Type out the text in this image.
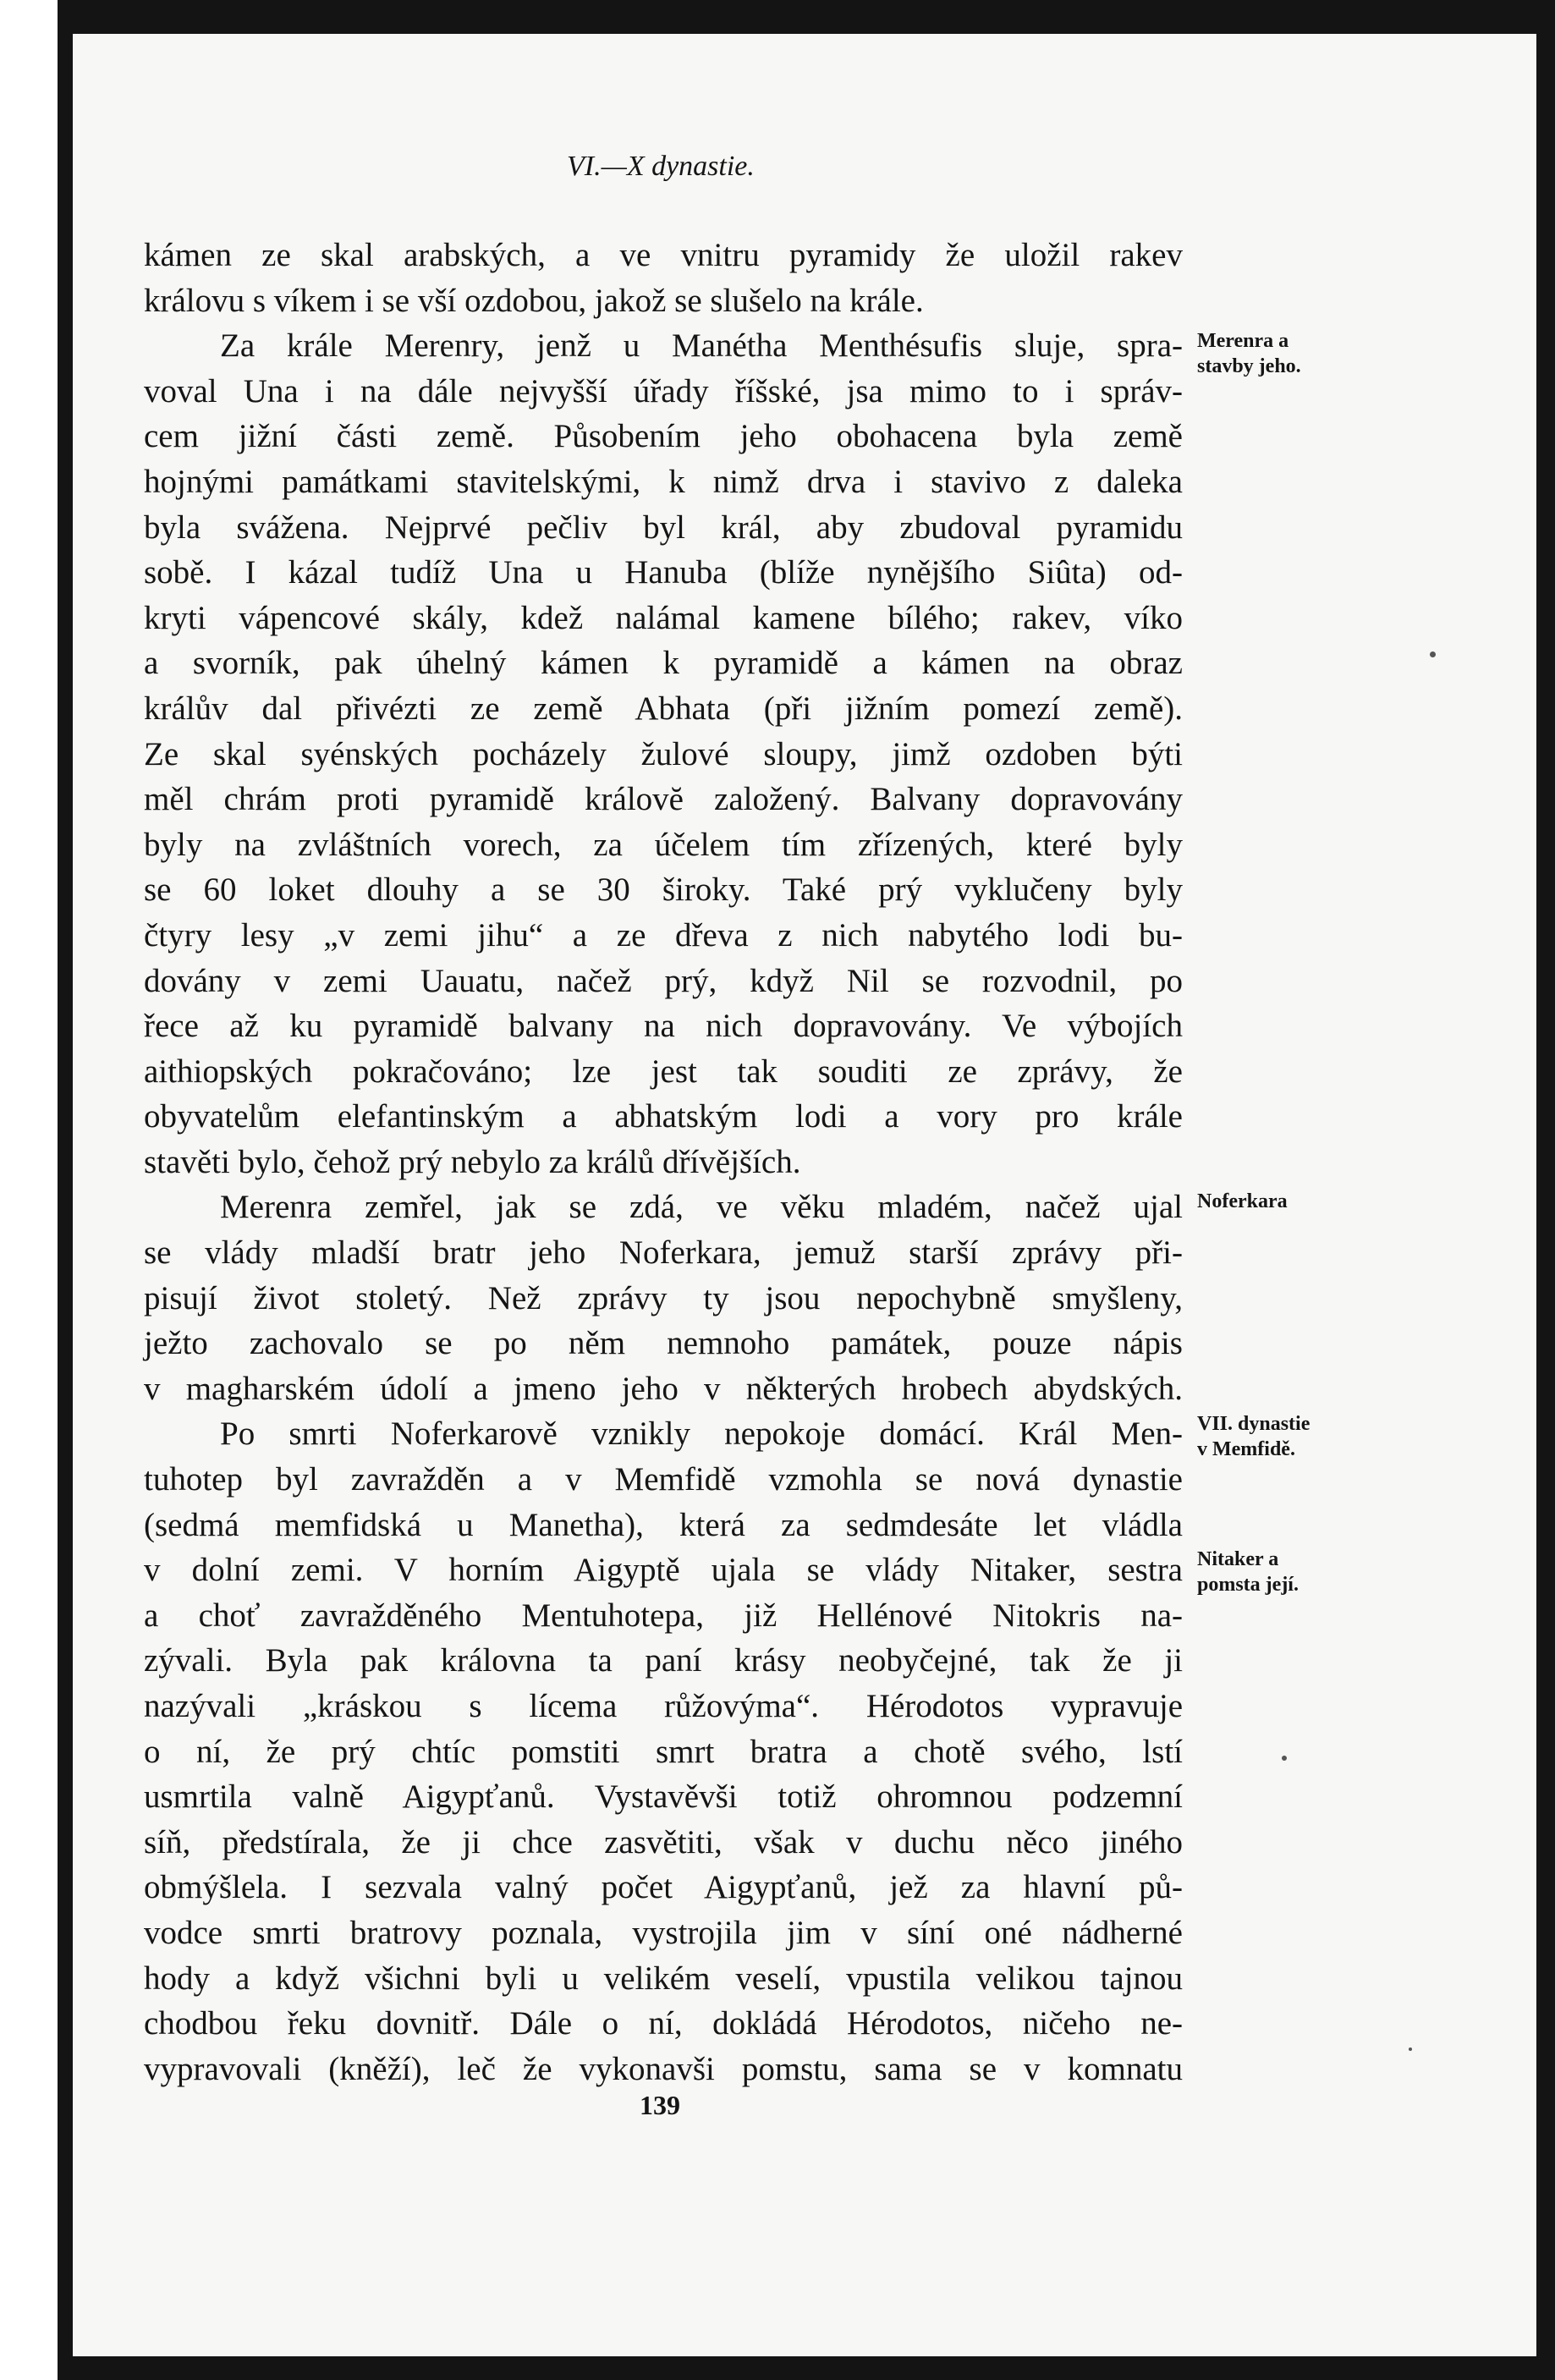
VI.—X dynastie.
kámen ze skal arabských, a ve vnitru pyramidy že uložil rakev
královu s víkem i se vší ozdobou, jakož se slušelo na krále.
Za krále Merenry, jenž u Manétha Menthésufis sluje, spra-
voval Una i na dále nejvyšší úřady říšské, jsa mimo to i správ-
cem jižní části země. Působením jeho obohacena byla země
hojnými památkami stavitelskými, k nimž drva i stavivo z daleka
byla svážena. Nejprvé pečliv byl král, aby zbudoval pyramidu
sobě. I kázal tudíž Una u Hanuba (blíže nynějšího Siûta) od-
kryti vápencové skály, kdež nalámal kamene bílého; rakev, víko
a svorník, pak úhelný kámen k pyramidě a kámen na obraz
králův dal přivézti ze země Abhata (při jižním pomezí země).
Ze skal syénských pocházely žulové sloupy, jimž ozdoben býti
měl chrám proti pyramidě královĕ založený. Balvany dopravovány
byly na zvláštních vorech, za účelem tím zřízených, které byly
se 60 loket dlouhy a se 30 široky. Také prý vyklučeny byly
čtyry lesy „v zemi jihu“ a ze dřeva z nich nabytého lodi bu-
dovány v zemi Uauatu, načež prý, když Nil se rozvodnil, po
řece až ku pyramidě balvany na nich dopravovány. Ve výbojích
aithiopských pokračováno; lze jest tak souditi ze zprávy, že
obyvatelům elefantinským a abhatským lodi a vory pro krále
stavěti bylo, čehož prý nebylo za králů dřívějších.
Merenra zemřel, jak se zdá, ve věku mladém, načež ujal
se vlády mladší bratr jeho Noferkara, jemuž starší zprávy při-
pisují život stoletý. Než zprávy ty jsou nepochybně smyšleny,
ježto zachovalo se po něm nemnoho památek, pouze nápis
v magharském údolí a jmeno jeho v některých hrobech abydských.
Po smrti Noferkarově vznikly nepokoje domácí. Král Men-
tuhotep byl zavražděn a v Memfidě vzmohla se nová dynastie
(sedmá memfidská u Manetha), která za sedmdesáte let vládla
v dolní zemi. V horním Aigyptě ujala se vlády Nitaker, sestra
a choť zavražděného Mentuhotepa, již Hellénové Nitokris na-
zývali. Byla pak královna ta paní krásy neobyčejné, tak že ji
nazývali „kráskou s lícema růžovýma“. Hérodotos vypravuje
o ní, že prý chtíc pomstiti smrt bratra a chotě svého, lstí
usmrtila valně Aigypťanů. Vystavěvši totiž ohromnou podzemní
síň, předstírala, že ji chce zasvětiti, však v duchu něco jiného
obmýšlela. I sezvala valný počet Aigypťanů, jež za hlavní pů-
vodce smrti bratrovy poznala, vystrojila jim v síní oné nádherné
hody a když všichni byli u velikém veselí, vpustila velikou tajnou
chodbou řeku dovnitř. Dále o ní, dokládá Hérodotos, ničeho ne-
vypravovali (kněží), leč že vykonavši pomstu, sama se v komnatu
Merenra a
stavby jeho.
Noferkara
VII. dynastie
v Memfidě.
Nitaker a
pomsta její.
139
